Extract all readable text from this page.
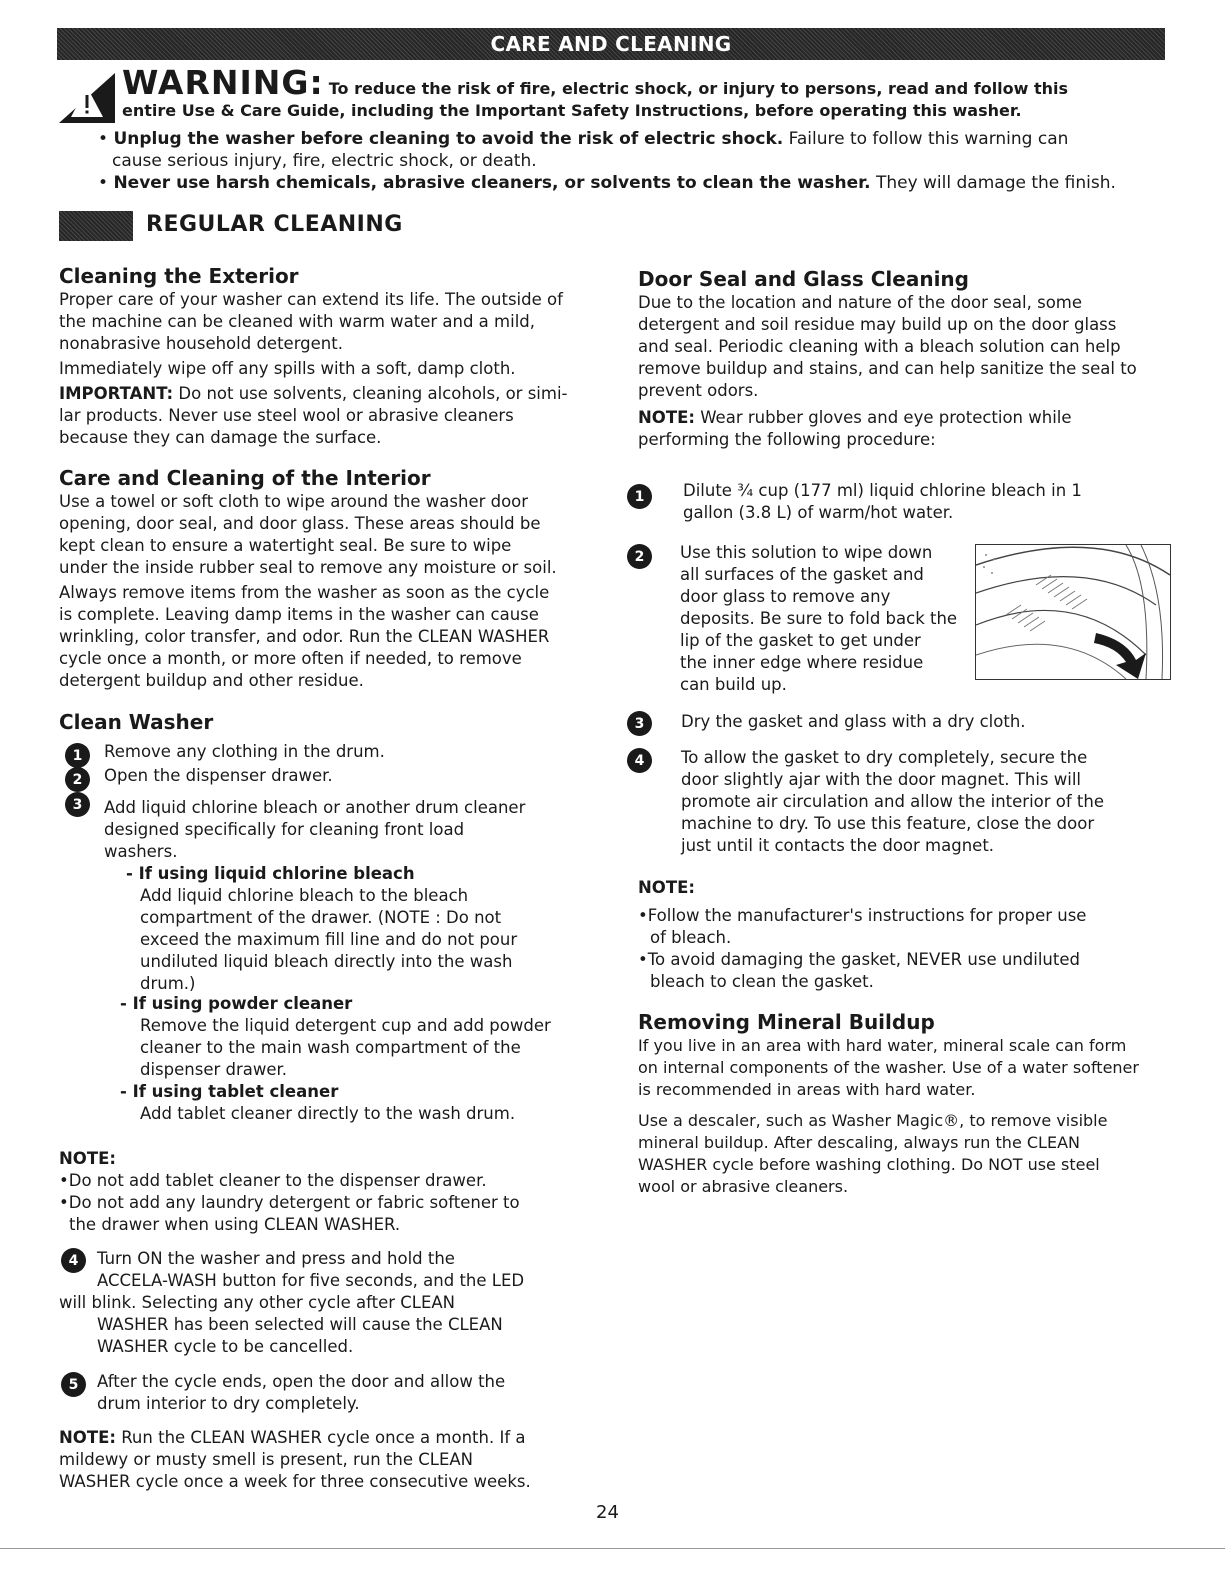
CARE AND CLEANING
WARNING: To reduce the risk of fire, electric shock, or injury to persons, read and follow this
entire Use & Care Guide, including the Important Safety Instructions, before operating this washer.
• Unplug the washer before cleaning to avoid the risk of electric shock. Failure to follow this warning can
cause serious injury, fire, electric shock, or death.
• Never use harsh chemicals, abrasive cleaners, or solvents to clean the washer. They will damage the finish.
REGULAR CLEANING

Cleaning the Exterior

Proper care of your washer can extend its life. The outside of
the machine can be cleaned with warm water and a mild,
nonabrasive household detergent.

Immediately wipe off any spills with a soft, damp cloth.

IMPORTANT: Do not use solvents, cleaning alcohols, or simi-
lar products. Never use steel wool or abrasive cleaners
because they can damage the surface.

Care and Cleaning of the Interior

Use a towel or soft cloth to wipe around the washer door
opening, door seal, and door glass. These areas should be
kept clean to ensure a watertight seal. Be sure to wipe
under the inside rubber seal to remove any moisture or soil.

Always remove items from the washer as soon as the cycle
is complete. Leaving damp items in the washer can cause
wrinkling, color transfer, and odor. Run the CLEAN WASHER
cycle once a month, or more often if needed, to remove
detergent buildup and other residue.

Clean Washer

1	Remove any clothing in the drum.
2	Open the dispenser drawer.
3	Add liquid chlorine bleach or another drum cleaner
designed specifically for cleaning front load
washers.
- If using liquid chlorine bleach

Add liquid chlorine bleach to the bleach
compartment of the drawer. (NOTE : Do not
exceed the maximum fill line and do not pour
undiluted liquid bleach directly into the wash
drum.)
- If using powder cleaner

Remove the liquid detergent cup and add powder
cleaner to the main wash compartment of the
dispenser drawer.
- If using tablet cleaner

Add tablet cleaner directly to the wash drum.
NOTE:
•Do not add tablet cleaner to the dispenser drawer.
•Do not add any laundry detergent or fabric softener to
the drawer when using CLEAN WASHER.
4	Turn ON the washer and press and hold the
ACCELA-WASH button for five seconds, and the LED
will blink. Selecting any other cycle after CLEAN
WASHER has been selected will cause the CLEAN
WASHER cycle to be cancelled.
5	After the cycle ends, open the door and allow the
drum interior to dry completely.
NOTE: Run the CLEAN WASHER cycle once a month. If a
mildewy or musty smell is present, run the CLEAN
WASHER cycle once a week for three consecutive weeks.

Door Seal and Glass Cleaning

Due to the location and nature of the door seal, some
detergent and soil residue may build up on the door glass
and seal. Periodic cleaning with a bleach solution can help
remove buildup and stains, and can help sanitize the seal to
prevent odors.

NOTE: Wear rubber gloves and eye protection while
performing the following procedure:

1	Dilute ¾ cup (177 ml) liquid chlorine bleach in 1
gallon (3.8 L) of warm/hot water.
2	Use this solution to wipe down
all surfaces of the gasket and
door glass to remove any
deposits. Be sure to fold back the
lip of the gasket to get under
the inner edge where residue
can build up.
3	Dry the gasket and glass with a dry cloth.
4	To allow the gasket to dry completely, secure the
door slightly ajar with the door magnet. This will
promote air circulation and allow the interior of the
machine to dry. To use this feature, close the door
just until it contacts the door magnet.
NOTE:

•Follow the manufacturer's instructions for proper use
of bleach.
•To avoid damaging the gasket, NEVER use undiluted
bleach to clean the gasket.

Removing Mineral Buildup

If you live in an area with hard water, mineral scale can form
on internal components of the washer. Use of a water softener
is recommended in areas with hard water.

Use a descaler, such as Washer Magic®, to remove visible
mineral buildup. After descaling, always run the CLEAN
WASHER cycle before washing clothing. Do NOT use steel
wool or abrasive cleaners.

24
